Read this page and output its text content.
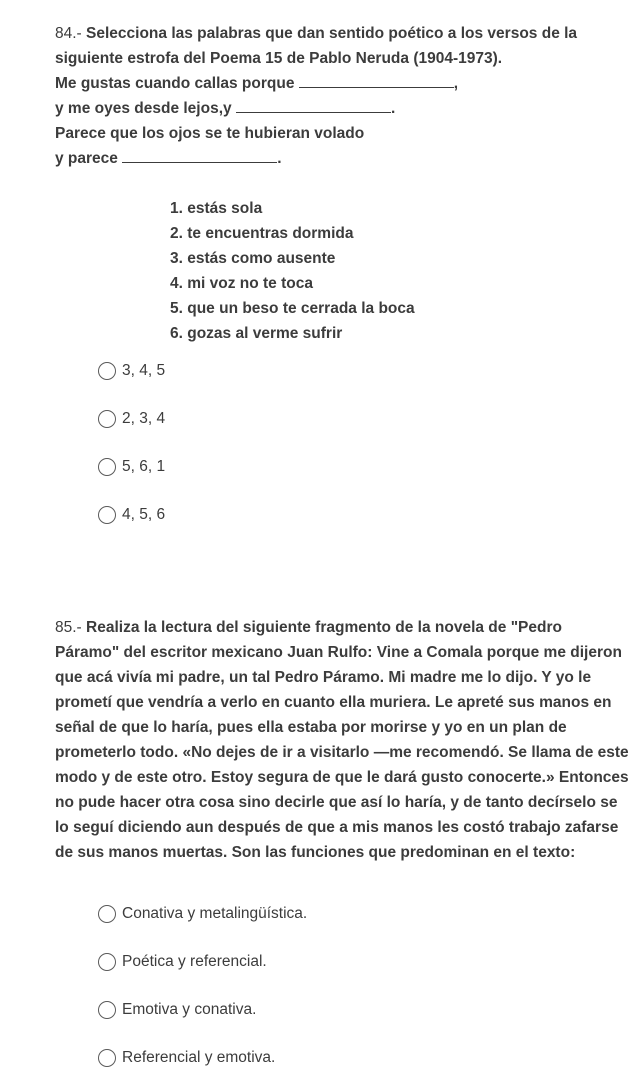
84.- Selecciona las palabras que dan sentido poético a los versos de la siguiente estrofa del Poema 15 de Pablo Neruda (1904-1973).

Me gustas cuando callas porque	,

y me oyes desde lejos,y	.

Parece que los ojos se te hubieran volado

y parece	.

1. estás sola
2. te encuentras dormida
3. estás como ausente
4. mi voz no te toca
5. que un beso te cerrada la boca
6. gozas al verme sufrir
3, 4, 5
2, 3, 4
5, 6, 1
4, 5, 6

85.- Realiza la lectura del siguiente fragmento de la novela de "Pedro Páramo" del escritor mexicano Juan Rulfo: Vine a Comala porque me dijeron que acá vivía mi padre, un tal Pedro Páramo. Mi madre me lo dijo. Y yo le prometí que vendría a verlo en cuanto ella muriera. Le apreté sus manos en señal de que lo haría, pues ella estaba por morirse y yo en un plan de prometerlo todo. «No dejes de ir a visitarlo —me recomendó. Se llama de este modo y de este otro. Estoy segura de que le dará gusto conocerte.» Entonces no pude hacer otra cosa sino decirle que así lo haría, y de tanto decírselo se lo seguí diciendo aun después de que a mis manos les costó trabajo zafarse de sus manos muertas. Son las funciones que predominan en el texto:

Conativa y metalingüística.
Poética y referencial.
Emotiva y conativa.
Referencial y emotiva.
